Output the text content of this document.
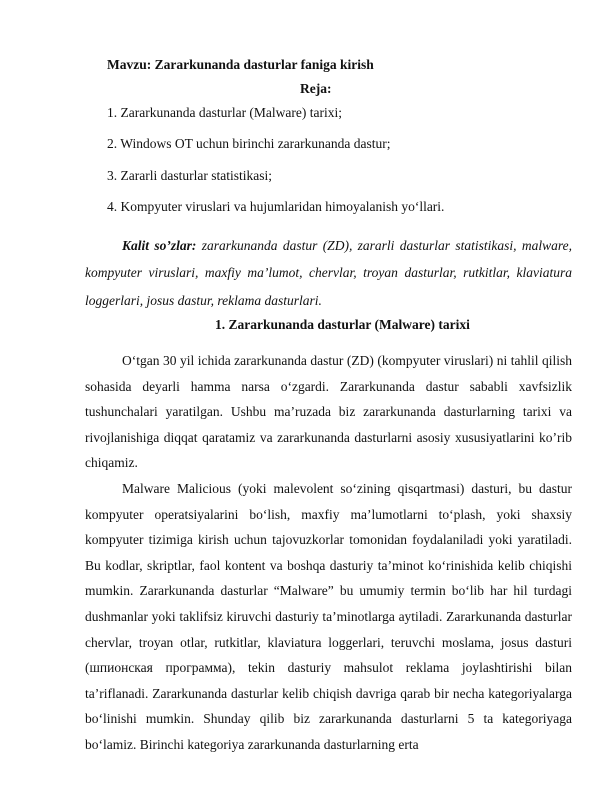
Mavzu: Zararkunanda dasturlar faniga kirish
Reja:
1. Zararkunanda dasturlar (Malware) tarixi;
2. Windows OT uchun birinchi zararkunanda dastur;
3. Zararli dasturlar statistikasi;
4. Kompyuter viruslari va hujumlaridan himoyalanish yo‘llari.

Kalit so’zlar: zararkunanda dastur (ZD), zararli dasturlar statistikasi, malware, kompyuter viruslari, maxfiy ma’lumot, chervlar, troyan dasturlar, rutkitlar, klaviatura loggerlari, josus dastur, reklama dasturlari.

1. Zararkunanda dasturlar (Malware) tarixi

O‘tgan 30 yil ichida zararkunanda dastur (ZD) (kompyuter viruslari) ni tahlil qilish sohasida deyarli hamma narsa o‘zgardi. Zararkunanda dastur sababli xavfsizlik tushunchalari yaratilgan. Ushbu ma’ruzada biz zararkunanda dasturlarning tarixi va rivojlanishiga diqqat qaratamiz va zararkunanda dasturlarni asosiy xususiyatlarini ko’rib chiqamiz.

Malware Malicious (yoki malevolent so‘zining qisqartmasi) dasturi, bu dastur kompyuter operatsiyalarini bo‘lish, maxfiy ma’lumotlarni to‘plash, yoki shaxsiy kompyuter tizimiga kirish uchun tajovuzkorlar tomonidan foydalaniladi yoki yaratiladi. Bu kodlar, skriptlar, faol kontent va boshqa dasturiy ta’minot ko‘rinishida kelib chiqishi mumkin. Zararkunanda dasturlar “Malware” bu umumiy termin bo‘lib har hil turdagi dushmanlar yoki taklifsiz kiruvchi dasturiy ta’minotlarga aytiladi. Zararkunanda dasturlar chervlar, troyan otlar, rutkitlar, klaviatura loggerlari, teruvchi moslama, josus dasturi (шпионская программа), tekin dasturiy mahsulot reklama joylashtirishi bilan ta’riflanadi. Zararkunanda dasturlar kelib chiqish davriga qarab bir necha kategoriyalarga bo‘linishi mumkin. Shunday qilib biz zararkunanda dasturlarni 5 ta kategoriyaga bo‘lamiz. Birinchi kategoriya zararkunanda dasturlarning erta
